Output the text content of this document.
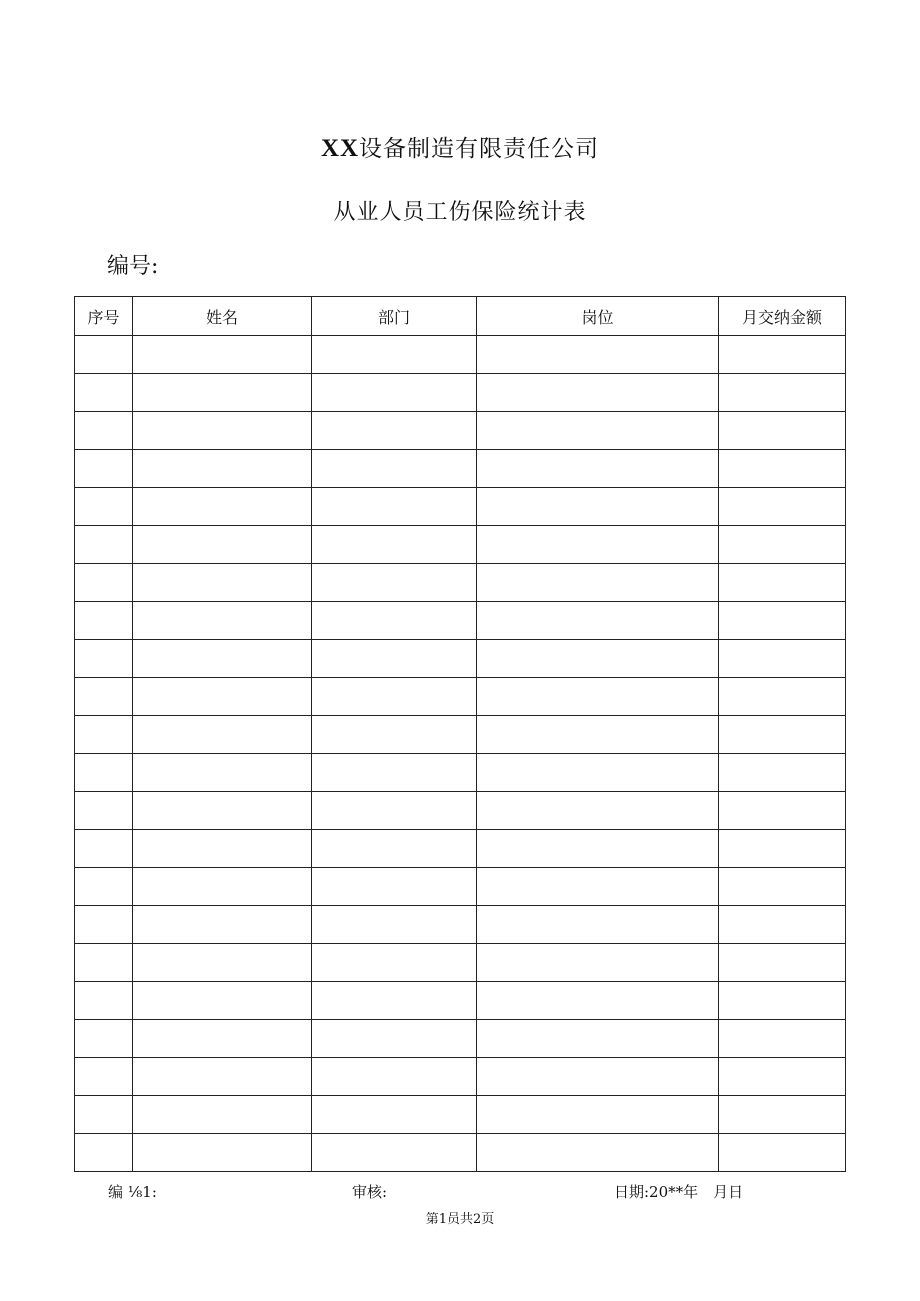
XX设备制造有限责任公司
从业人员工伤保险统计表
编号:
序号	姓名	部门	岗位	月交纳金额

编 ⅛1:	审核:	日期:20**年　月日
第1员共2页
